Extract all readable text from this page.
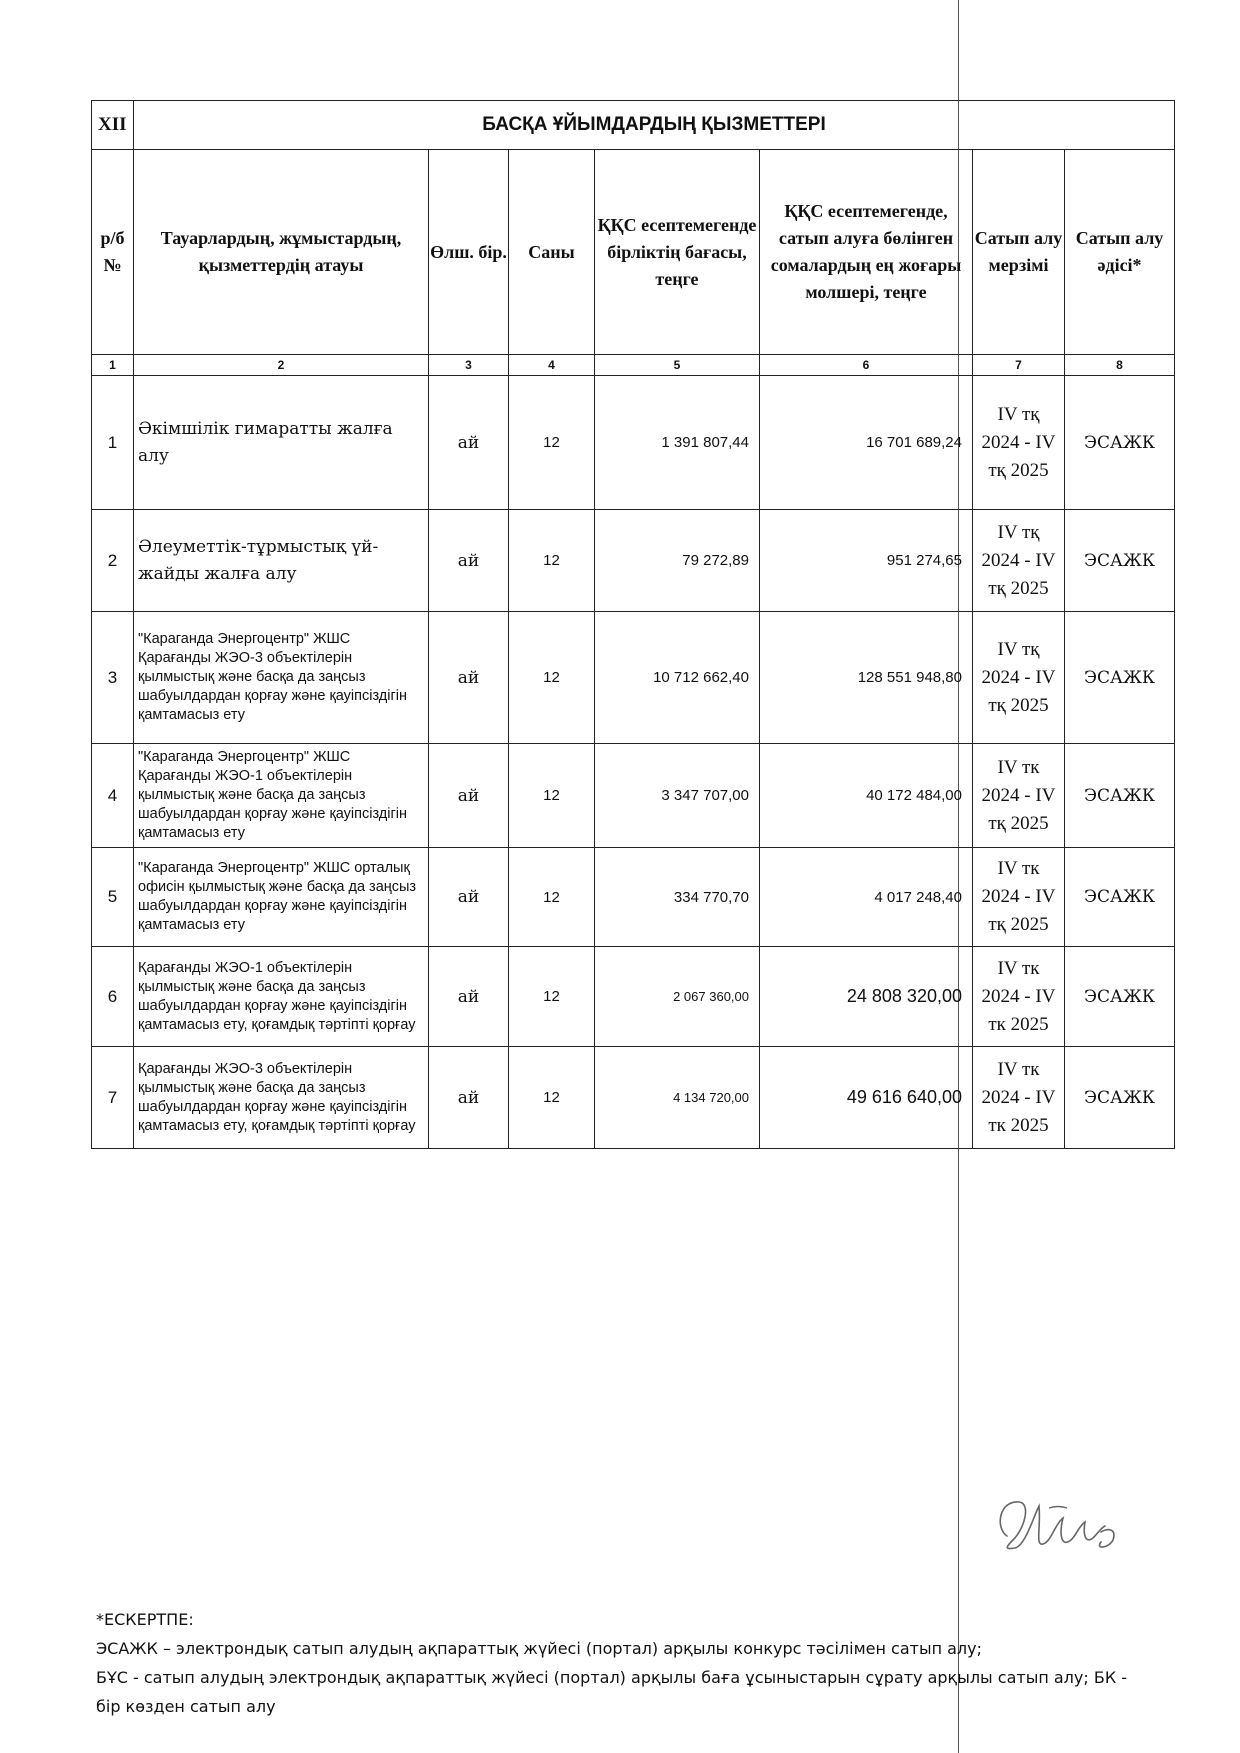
XII	БАСҚА ҰЙЫМДАРДЫҢ ҚЫЗМЕТТЕРІ						
р/б №	Тауарлардың, жұмыстардың, қызметтердің атауы	Өлш. бір.	Саны	ҚҚС есептемегенде бірліктің бағасы, теңге	ҚҚС есептемегенде, сатып алуға бөлінген сомалардың ең жоғары молшері, теңге	Сатып алу мерзімі	Сатып алу әдісі*
1	2	3	4	5	6	7	8
1	Әкімшілік гимаратты жалға алу	ай	12	1 391 807,44	16 701 689,24	IV тқ
2024 - IV
тқ 2025	ЭСАЖК
2	Әлеуметтік-тұрмыстық үй-жайды жалға алу	ай	12	79 272,89	951 274,65	IV тқ
2024 - IV
тқ 2025	ЭСАЖК
3	"Караганда Энергоцентр" ЖШС Қарағанды ЖЭО-3 объектілерін қылмыстық және басқа да заңсыз шабуылдардан қорғау және қауіпсіздігін қамтамасыз ету	ай	12	10 712 662,40	128 551 948,80	IV тқ
2024 - IV
тқ 2025	ЭСАЖК
4	"Караганда Энергоцентр" ЖШС Қарағанды ЖЭО-1 объектілерін қылмыстық және басқа да заңсыз шабуылдардан қорғау және қауіпсіздігін қамтамасыз ету	ай	12	3 347 707,00	40 172 484,00	IV тк
2024 - IV
тқ 2025	ЭСАЖК
5	"Караганда Энергоцентр" ЖШС орталық офисін қылмыстық және басқа да заңсыз шабуылдардан қорғау және қауіпсіздігін қамтамасыз ету	ай	12	334 770,70	4 017 248,40	IV тк
2024 - IV
тқ 2025	ЭСАЖК
6	Қарағанды ЖЭО-1 объектілерін қылмыстық және басқа да заңсыз шабуылдардан қорғау және қауіпсіздігін қамтамасыз ету, қоғамдық тәртіпті қорғау	ай	12	2 067 360,00	24 808 320,00	IV тк
2024 - IV
тк 2025	ЭСАЖК
7	Қарағанды ЖЭО-3 объектілерін қылмыстық және басқа да заңсыз шабуылдардан қорғау және қауіпсіздігін қамтамасыз ету, қоғамдық тәртіпті қорғау	ай	12	4 134 720,00	49 616 640,00	IV тк
2024 - IV
тк 2025	ЭСАЖК
*ЕСКЕРТПЕ:
ЭСАЖК – электрондық сатып алудың ақпараттық жүйесі (портал) арқылы конкурс тәсілімен сатып алу;
БҰС - сатып алудың электрондық ақпараттық жүйесі (портал) арқылы баға ұсыныстарын сұрату арқылы сатып алу; БК - бір көзден сатып алу
